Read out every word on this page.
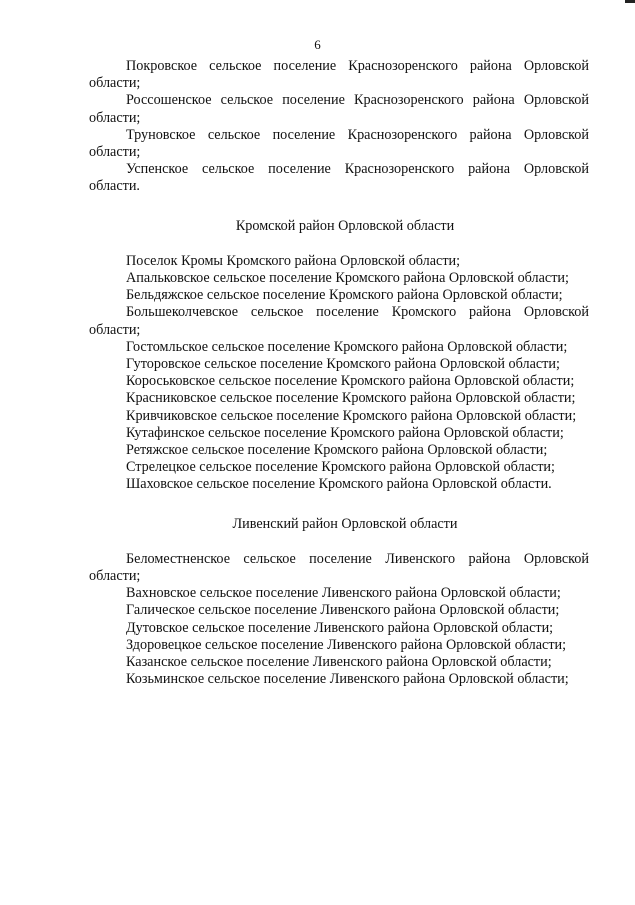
6

Покровское сельское поселение Краснозоренского района Орловской области;

Россошенское сельское поселение Краснозоренского района Орловской области;

Труновское сельское поселение Краснозоренского района Орловской области;

Успенское сельское поселение Краснозоренского района Орловской области.

Кромской район Орловской области

Поселок Кромы Кромского района Орловской области;

Апальковское сельское поселение Кромского района Орловской области;

Бельдяжское сельское поселение Кромского района Орловской области;

Большеколчевское сельское поселение Кромского района Орловской области;

Гостомльское сельское поселение Кромского района Орловской области;

Гуторовское сельское поселение Кромского района Орловской области;

Короськовское сельское поселение Кромского района Орловской области;

Красниковское сельское поселение Кромского района Орловской области;

Кривчиковское сельское поселение Кромского района Орловской области;

Кутафинское сельское поселение Кромского района Орловской области;

Ретяжское сельское поселение Кромского района Орловской области;

Стрелецкое сельское поселение Кромского района Орловской области;

Шаховское сельское поселение Кромского района Орловской области.

Ливенский район Орловской области

Беломестненское сельское поселение Ливенского района Орловской области;

Вахновское сельское поселение Ливенского района Орловской области;

Галическое сельское поселение Ливенского района Орловской области;

Дутовское сельское поселение Ливенского района Орловской области;

Здоровецкое сельское поселение Ливенского района Орловской области;

Казанское сельское поселение Ливенского района Орловской области;

Козьминское сельское поселение Ливенского района Орловской области;
